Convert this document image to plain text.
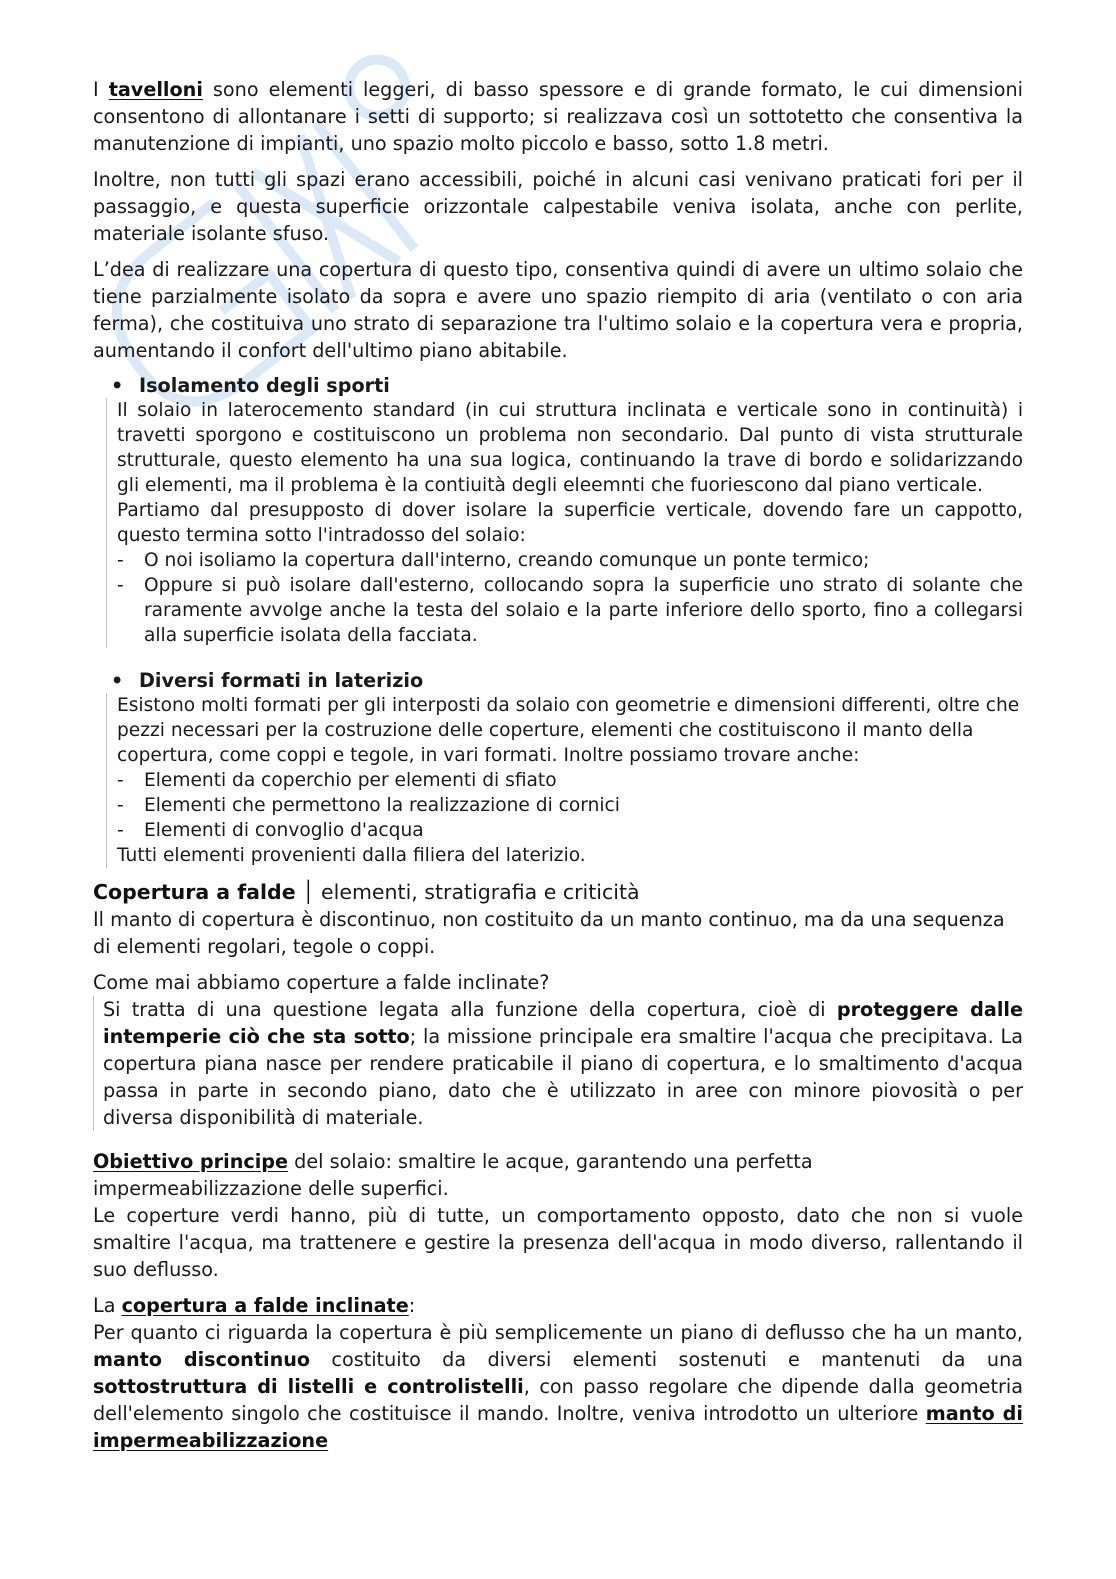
I tavelloni sono elementi leggeri, di basso spessore e di grande formato, le cui dimensioni consentono di allontanare i setti di supporto; si realizzava così un sottotetto che consentiva la manutenzione di impianti, uno spazio molto piccolo e basso, sotto 1.8 metri.

Inoltre, non tutti gli spazi erano accessibili, poiché in alcuni casi venivano praticati fori per il passaggio, e questa superficie orizzontale calpestabile veniva isolata, anche con perlite, materiale isolante sfuso.

L’dea di realizzare una copertura di questo tipo, consentiva quindi di avere un ultimo solaio che tiene parzialmente isolato da sopra e avere uno spazio riempito di aria (ventilato o con aria ferma), che costituiva uno strato di separazione tra l'ultimo solaio e la copertura vera e propria, aumentando il confort dell'ultimo piano abitabile.

• Isolamento degli sporti
Il solaio in laterocemento standard (in cui struttura inclinata e verticale sono in continuità) i travetti sporgono e costituiscono un problema non secondario. Dal punto di vista strutturale strutturale, questo elemento ha una sua logica, continuando la trave di bordo e solidarizzando gli elementi, ma il problema è la contiuità degli eleemnti che fuoriescono dal piano verticale.
Partiamo dal presupposto di dover isolare la superficie verticale, dovendo fare un cappotto, questo termina sotto l'intradosso del solaio:
- O noi isoliamo la copertura dall'interno, creando comunque un ponte termico;
- Oppure si può isolare dall'esterno, collocando sopra la superficie uno strato di solante che raramente avvolge anche la testa del solaio e la parte inferiore dello sporto, fino a collegarsi alla superficie isolata della facciata.
• Diversi formati in laterizio
Esistono molti formati per gli interposti da solaio con geometrie e dimensioni differenti, oltre che pezzi necessari per la costruzione delle coperture, elementi che costituiscono il manto della copertura, come coppi e tegole, in vari formati. Inoltre possiamo trovare anche:
- Elementi da coperchio per elementi di sfiato
- Elementi che permettono la realizzazione di cornici
- Elementi di convoglio d'acqua
Tutti elementi provenienti dalla filiera del laterizio.
Copertura a falde │ elementi, stratigrafia e criticità

Il manto di copertura è discontinuo, non costituito da un manto continuo, ma da una sequenza di elementi regolari, tegole o coppi.

Come mai abbiamo coperture a falde inclinate?

Si tratta di una questione legata alla funzione della copertura, cioè di proteggere dalle intemperie ciò che sta sotto; la missione principale era smaltire l'acqua che precipitava. La copertura piana nasce per rendere praticabile il piano di copertura, e lo smaltimento d'acqua passa in parte in secondo piano, dato che è utilizzato in aree con minore piovosità o per diversa disponibilità di materiale.

Obiettivo principe del solaio: smaltire le acque, garantendo una perfetta impermeabilizzazione delle superfici.

Le coperture verdi hanno, più di tutte, un comportamento opposto, dato che non si vuole smaltire l'acqua, ma trattenere e gestire la presenza dell'acqua in modo diverso, rallentando il suo deflusso.

La copertura a falde inclinate:

Per quanto ci riguarda la copertura è più semplicemente un piano di deflusso che ha un manto, manto discontinuo costituito da diversi elementi sostenuti e mantenuti da una sottostruttura di listelli e controlistelli, con passo regolare che dipende dalla geometria dell'elemento singolo che costituisce il mando. Inoltre, veniva introdotto un ulteriore manto di impermeabilizzazione
